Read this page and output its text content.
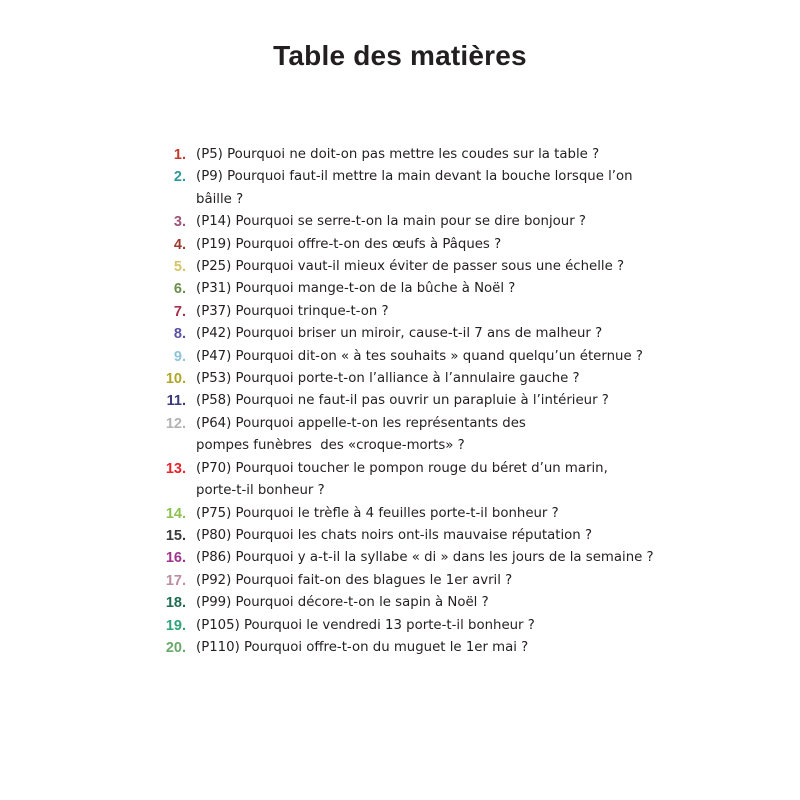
Table des matières
1. (P5) Pourquoi ne doit-on pas mettre les coudes sur la table ?
2. (P9) Pourquoi faut-il mettre la main devant la bouche lorsque l’on
bâille ?
3. (P14) Pourquoi se serre-t-on la main pour se dire bonjour ?
4. (P19) Pourquoi offre-t-on des œufs à Pâques ?
5. (P25) Pourquoi vaut-il mieux éviter de passer sous une échelle ?
6. (P31) Pourquoi mange-t-on de la bûche à Noël ?
7. (P37) Pourquoi trinque-t-on ?
8. (P42) Pourquoi briser un miroir, cause-t-il 7 ans de malheur ?
9. (P47) Pourquoi dit-on « à tes souhaits » quand quelqu’un éternue ?
10. (P53) Pourquoi porte-t-on l’alliance à l’annulaire gauche ?
11. (P58) Pourquoi ne faut-il pas ouvrir un parapluie à l’intérieur ?
12. (P64) Pourquoi appelle-t-on les représentants des
pompes funèbres  des «croque-morts» ?
13. (P70) Pourquoi toucher le pompon rouge du béret d’un marin,
porte-t-il bonheur ?
14. (P75) Pourquoi le trèfle à 4 feuilles porte-t-il bonheur ?
15. (P80) Pourquoi les chats noirs ont-ils mauvaise réputation ?
16. (P86) Pourquoi y a-t-il la syllabe « di » dans les jours de la semaine ?
17. (P92) Pourquoi fait-on des blagues le 1er avril ?
18. (P99) Pourquoi décore-t-on le sapin à Noël ?
19. (P105) Pourquoi le vendredi 13 porte-t-il bonheur ?
20. (P110) Pourquoi offre-t-on du muguet le 1er mai ?
